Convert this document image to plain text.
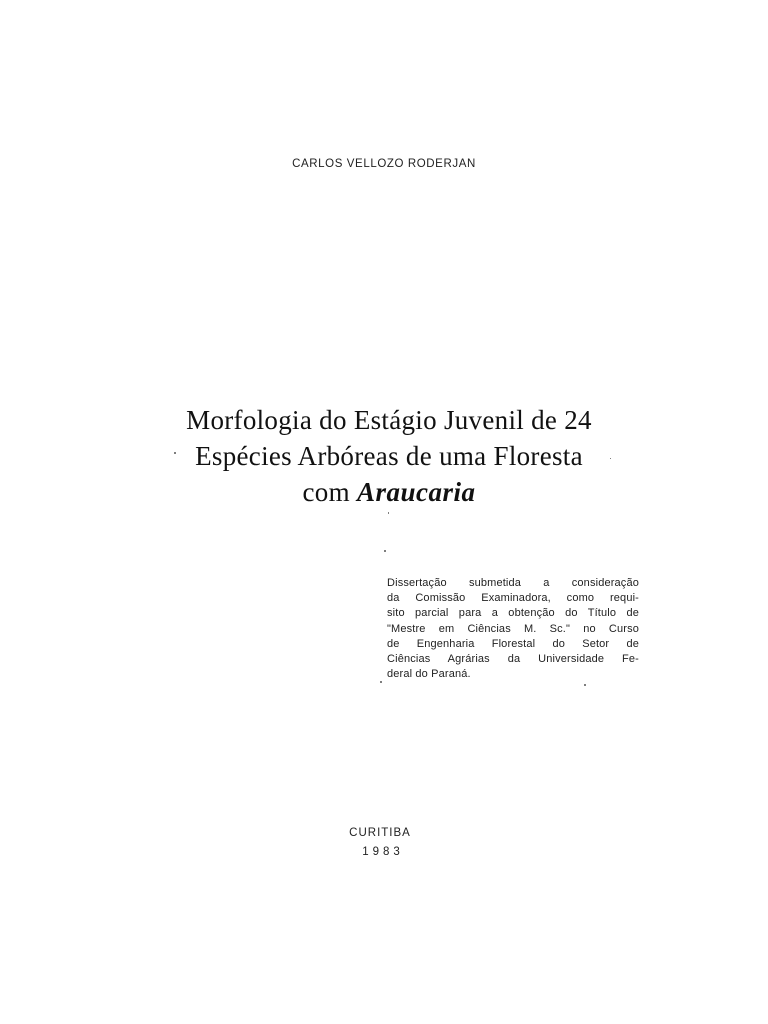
CARLOS VELLOZO RODERJAN
Morfologia do Estágio Juvenil de 24
Espécies Arbóreas de uma Floresta
com Araucaria
Dissertação submetida a consideração
da Comissão Examinadora, como requi-
sito parcial para a obtenção do Título de
"Mestre em Ciências M. Sc." no Curso
de Engenharia Florestal do Setor de
Ciências Agrárias da Universidade Fe-
deral do Paraná.
CURITIBA
1983
